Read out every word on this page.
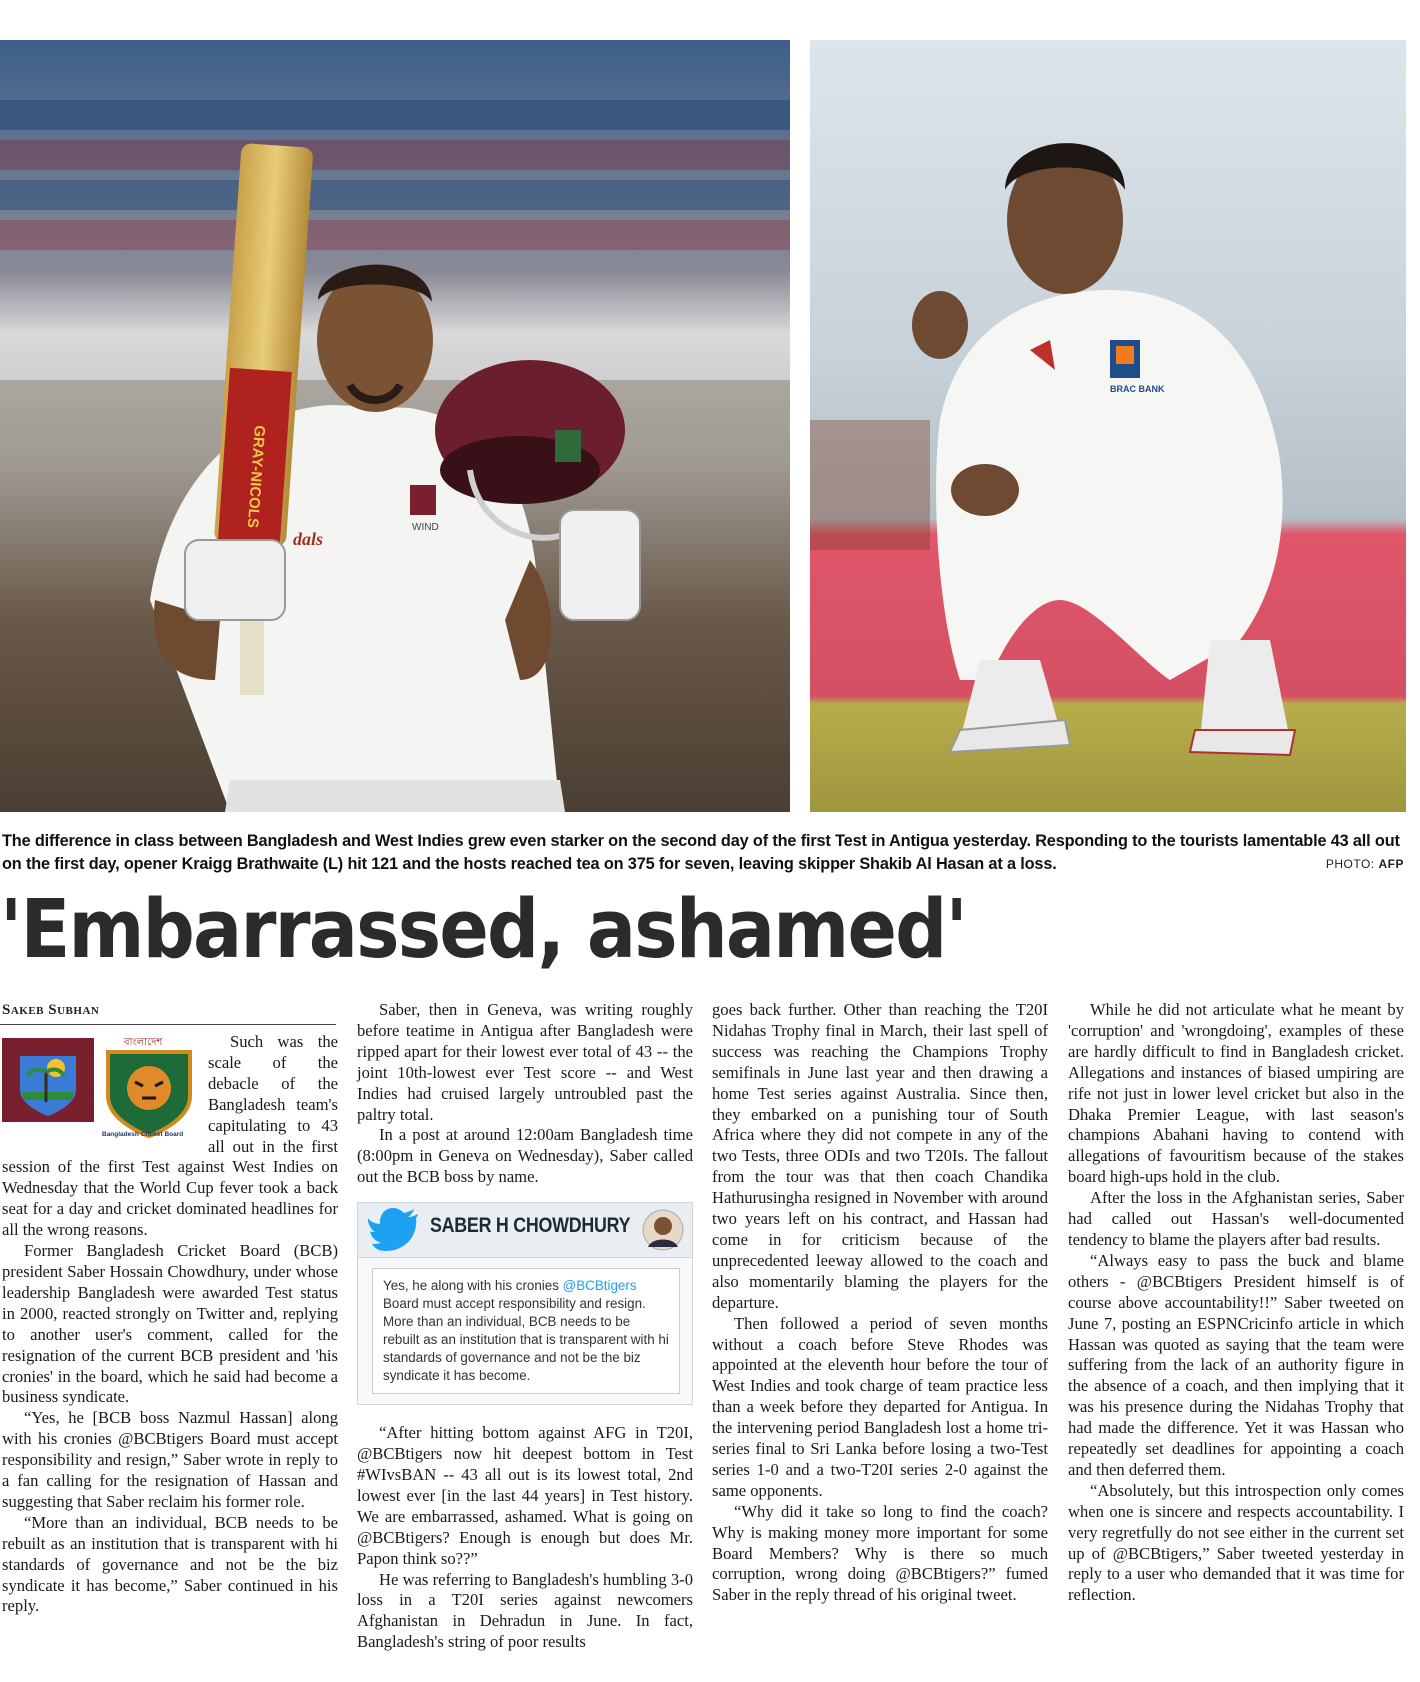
GRAY-NICOLS
dals
WIND
BRAC BANK
The difference in class between Bangladesh and West Indies grew even starker on the second day of the first Test in Antigua yesterday. Responding to the tourists lamentable 43 all out on the first day, opener Kraigg Brathwaite (L) hit 121 and the hosts reached tea on 375 for seven, leaving skipper Shakib Al Hasan at a loss.	PHOTO: AFP
'Embarrassed, ashamed'
Sakeb Subhan
বাংলাদেশ
Bangladesh Cricket Board

Such was the scale of the debacle of the Bangladesh team's capitulating to 43 all out in the first session of the first Test against West Indies on Wednesday that the World Cup fever took a back seat for a day and cricket dominated headlines for all the wrong reasons.

Former Bangladesh Cricket Board (BCB) president Saber Hossain Chowdhury, under whose leadership Bangladesh were awarded Test status in 2000, reacted strongly on Twitter and, replying to another user's comment, called for the resignation of the current BCB president and 'his cronies' in the board, which he said had become a business syndicate.

“Yes, he [BCB boss Nazmul Hassan] along with his cronies @BCBtigers Board must accept responsibility and resign,” Saber wrote in reply to a fan calling for the resignation of Hassan and suggesting that Saber reclaim his former role.

“More than an individual, BCB needs to be rebuilt as an institution that is transparent with hi standards of governance and not be the biz syndicate it has become,” Saber continued in his reply.

Saber, then in Geneva, was writing roughly before teatime in Antigua after Bangladesh were ripped apart for their lowest ever total of 43 -- the joint 10th-lowest ever Test score -- and West Indies had cruised largely untroubled past the paltry total.

In a post at around 12:00am Bangladesh time (8:00pm in Geneva on Wednesday), Saber called out the BCB boss by name.

SABER H CHOWDHURY
Yes, he along with his cronies @BCBtigers Board must accept responsibility and resign. More than an individual, BCB needs to be rebuilt as an institution that is transparent with hi standards of governance and not be the biz syndicate it has become.

“After hitting bottom against AFG in T20I, @BCBtigers now hit deepest bottom in Test #WIvsBAN -- 43 all out is its lowest total, 2nd lowest ever [in the last 44 years] in Test history. We are embarrassed, ashamed. What is going on @BCBtigers? Enough is enough but does Mr. Papon think so??”

He was referring to Bangladesh's humbling 3-0 loss in a T20I series against newcomers Afghanistan in Dehradun in June. In fact, Bangladesh's string of poor results

goes back further. Other than reaching the T20I Nidahas Trophy final in March, their last spell of success was reaching the Champions Trophy semifinals in June last year and then drawing a home Test series against Australia. Since then, they embarked on a punishing tour of South Africa where they did not compete in any of the two Tests, three ODIs and two T20Is. The fallout from the tour was that then coach Chandika Hathurusingha resigned in November with around two years left on his contract, and Hassan had come in for criticism because of the unprecedented leeway allowed to the coach and also momentarily blaming the players for the departure.

Then followed a period of seven months without a coach before Steve Rhodes was appointed at the eleventh hour before the tour of West Indies and took charge of team practice less than a week before they departed for Antigua. In the intervening period Bangladesh lost a home tri-series final to Sri Lanka before losing a two-Test series 1-0 and a two-T20I series 2-0 against the same opponents.

“Why did it take so long to find the coach? Why is making money more important for some Board Members? Why is there so much corruption, wrong doing @BCBtigers?” fumed Saber in the reply thread of his original tweet.

While he did not articulate what he meant by 'corruption' and 'wrongdoing', examples of these are hardly difficult to find in Bangladesh cricket. Allegations and instances of biased umpiring are rife not just in lower level cricket but also in the Dhaka Premier League, with last season's champions Abahani having to contend with allegations of favouritism because of the stakes board high-ups hold in the club.

After the loss in the Afghanistan series, Saber had called out Hassan's well-documented tendency to blame the players after bad results.

“Always easy to pass the buck and blame others - @BCBtigers President himself is of course above accountability!!” Saber tweeted on June 7, posting an ESPNCricinfo article in which Hassan was quoted as saying that the team were suffering from the lack of an authority figure in the absence of a coach, and then implying that it was his presence during the Nidahas Trophy that had made the difference. Yet it was Hassan who repeatedly set deadlines for appointing a coach and then deferred them.

“Absolutely, but this introspection only comes when one is sincere and respects accountability. I very regretfully do not see either in the current set up of @BCBtigers,” Saber tweeted yesterday in reply to a user who demanded that it was time for reflection.
